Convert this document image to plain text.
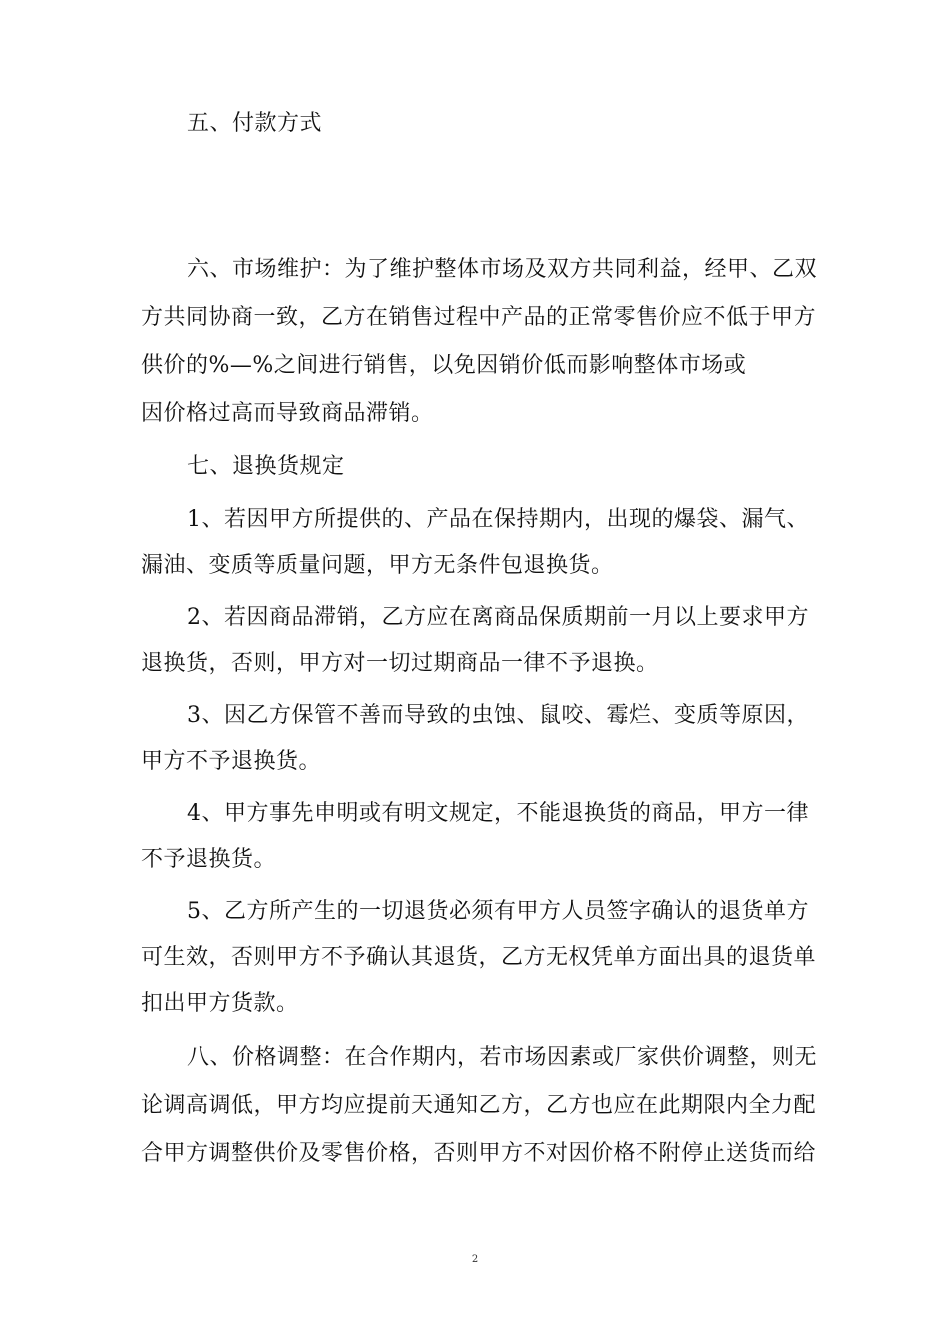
五、付款方式
六、市场维护：为了维护整体市场及双方共同利益，经甲、乙双
方共同协商一致，乙方在销售过程中产品的正常零售价应不低于甲方
供价的%—%之间进行销售，以免因销价低而影响整体市场或
因价格过高而导致商品滞销。
七、退换货规定
1、若因甲方所提供的、产品在保持期内，出现的爆袋、漏气、
漏油、变质等质量问题，甲方无条件包退换货。
2、若因商品滞销，乙方应在离商品保质期前一月以上要求甲方
退换货，否则，甲方对一切过期商品一律不予退换。
3、因乙方保管不善而导致的虫蚀、鼠咬、霉烂、变质等原因，
甲方不予退换货。
4、甲方事先申明或有明文规定，不能退换货的商品，甲方一律
不予退换货。
5、乙方所产生的一切退货必须有甲方人员签字确认的退货单方
可生效，否则甲方不予确认其退货，乙方无权凭单方面出具的退货单
扣出甲方货款。
八、价格调整：在合作期内，若市场因素或厂家供价调整，则无
论调高调低，甲方均应提前天通知乙方，乙方也应在此期限内全力配
合甲方调整供价及零售价格，否则甲方不对因价格不附停止送货而给
2
